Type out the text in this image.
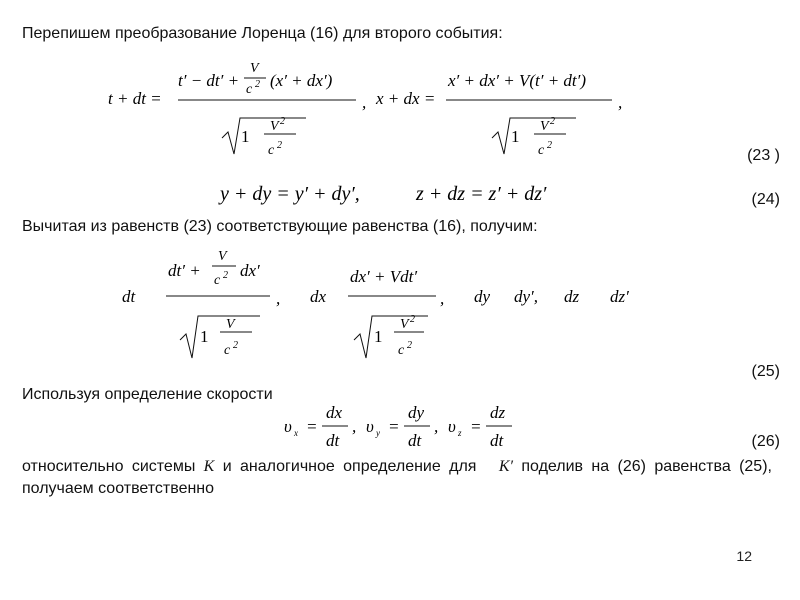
Перепишем преобразование Лоренца (16) для второго события:
t + dt =
t′ − dt′ +
V
c 2 (x′ + dx′)
1
V 2
c 2
, x + dx =
x′ + dx′ + V(t′ + dt′)
1
V 2
c 2
,
(23 )
y + dy = y′ + dy′,	z + dz = z′ + dz′	(24)
Вычитая из равенств (23) соответствующие равенства (16), получим:
dt
dt′ +
V
c 2 dx′
1
V
c 2
, dx
dx′ + Vdt′
1
V 2
c 2
, dy dy′, dz dz′
(25)
Используя определение скорости
υ x =
dx
dt
, υ y =
dy
dt
, υ z =
dz
dt	(26)
относительно системы K и аналогичное определение для K′ поделив на (26) равенства (25), получаем соответственно
12
